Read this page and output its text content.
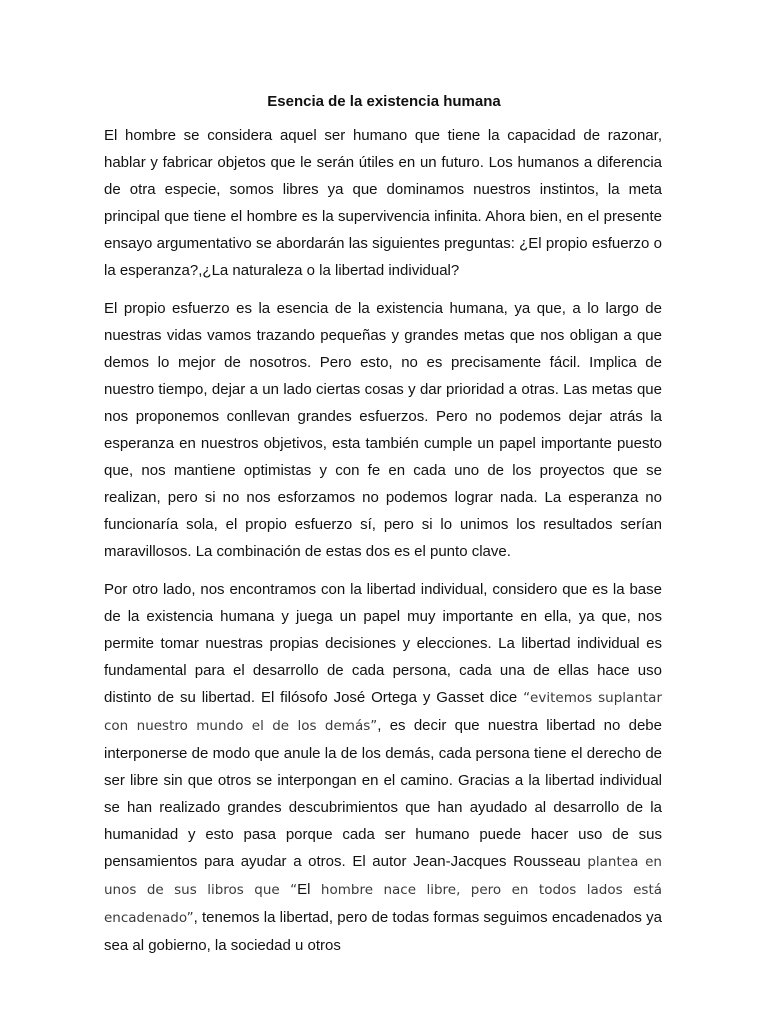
Esencia de la existencia humana

El hombre se considera aquel ser humano que tiene la capacidad de razonar, hablar y fabricar objetos que le serán útiles en un futuro. Los humanos a diferencia de otra especie, somos libres ya que dominamos nuestros instintos, la meta principal que tiene el hombre es la supervivencia infinita. Ahora bien, en el presente ensayo argumentativo se abordarán las siguientes preguntas: ¿El propio esfuerzo o la esperanza?,¿La naturaleza o la libertad individual?

El propio esfuerzo es la esencia de la existencia humana, ya que, a lo largo de nuestras vidas vamos trazando pequeñas y grandes metas que nos obligan a que demos lo mejor de nosotros. Pero esto, no es precisamente fácil. Implica de nuestro tiempo, dejar a un lado ciertas cosas y dar prioridad a otras. Las metas que nos proponemos conllevan grandes esfuerzos. Pero no podemos dejar atrás la esperanza en nuestros objetivos, esta también cumple un papel importante puesto que, nos mantiene optimistas y con fe en cada uno de los proyectos que se realizan, pero si no nos esforzamos no podemos lograr nada. La esperanza no funcionaría sola, el propio esfuerzo sí, pero si lo unimos los resultados serían maravillosos. La combinación de estas dos es el punto clave.

Por otro lado, nos encontramos con la libertad individual, considero que es la base de la existencia humana y juega un papel muy importante en ella, ya que, nos permite tomar nuestras propias decisiones y elecciones. La libertad individual es fundamental para el desarrollo de cada persona, cada una de ellas hace uso distinto de su libertad. El filósofo José Ortega y Gasset dice “evitemos suplantar con nuestro mundo el de los demás”, es decir que nuestra libertad no debe interponerse de modo que anule la de los demás, cada persona tiene el derecho de ser libre sin que otros se interpongan en el camino. Gracias a la libertad individual se han realizado grandes descubrimientos que han ayudado al desarrollo de la humanidad y esto pasa porque cada ser humano puede hacer uso de sus pensamientos para ayudar a otros. El autor Jean-Jacques Rousseau plantea en unos de sus libros que “El hombre nace libre, pero en todos lados está encadenado”, tenemos la libertad, pero de todas formas seguimos encadenados ya sea al gobierno, la sociedad u otros
